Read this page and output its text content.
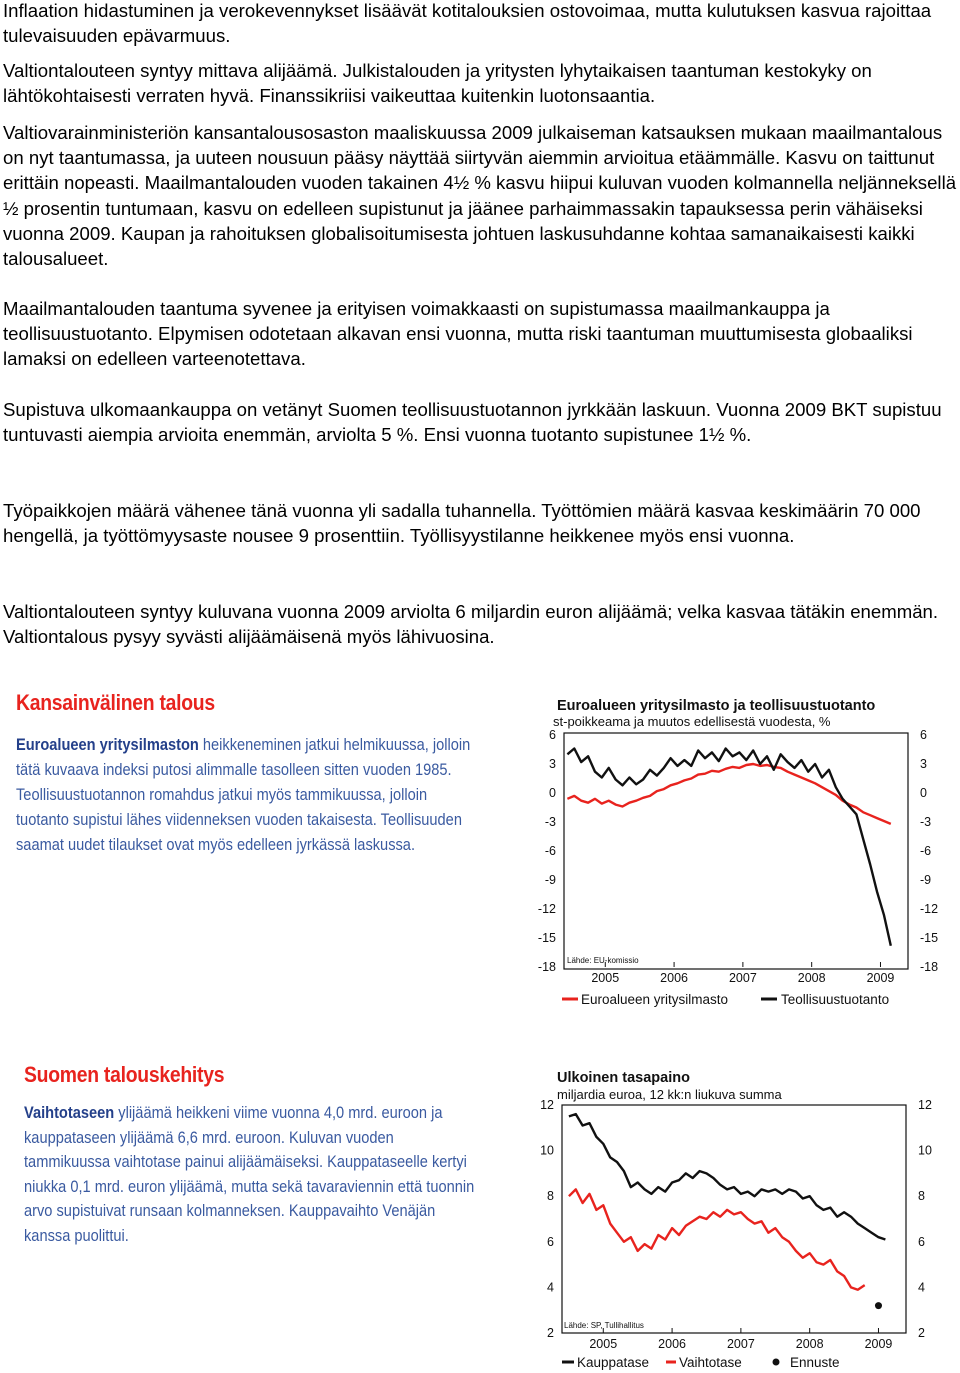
Inflaation hidastuminen ja verokevennykset lisäävät kotitalouksien ostovoimaa, mutta kulutuksen kasvua rajoittaa tulevaisuuden epävarmuus.
Valtiontalouteen syntyy mittava alijäämä. Julkistalouden ja yritysten lyhytaikaisen taantuman kestokyky on lähtökohtaisesti verraten hyvä. Finanssikriisi vaikeuttaa kuitenkin luotonsaantia.
Valtiovarainministeriön kansantalousosaston maaliskuussa 2009 julkaiseman katsauksen mukaan maailmantalous on nyt taantumassa, ja uuteen nousuun pääsy näyttää siirtyvän aiemmin arvioitua etäämmälle. Kasvu on taittunut erittäin nopeasti. Maailmantalouden vuoden takainen 4½ % kasvu hiipui kuluvan vuoden kolmannella neljänneksellä ½ prosentin tuntumaan, kasvu on edelleen supistunut ja jäänee parhaimmassakin tapauksessa perin vähäiseksi vuonna 2009. Kaupan ja rahoituksen globalisoitumisesta johtuen laskusuhdanne kohtaa samanaikaisesti kaikki talousalueet.
Maailmantalouden taantuma syvenee ja erityisen voimakkaasti on supistumassa maailmankauppa ja teollisuustuotanto. Elpymisen odotetaan alkavan ensi vuonna, mutta riski taantuman muuttumisesta globaaliksi lamaksi on edelleen varteenotettava.
Supistuva ulkomaankauppa on vetänyt Suomen teollisuustuotannon jyrkkään laskuun. Vuonna 2009 BKT supistuu tuntuvasti aiempia arvioita enemmän, arviolta 5 %. Ensi vuonna tuotanto supistunee 1½ %.
Työpaikkojen määrä vähenee tänä vuonna yli sadalla tuhannella. Työttömien määrä kasvaa keskimäärin 70 000 hengellä, ja työttömyysaste nousee 9 prosenttiin. Työllisyystilanne heikkenee myös ensi vuonna.
Valtiontalouteen syntyy kuluvana vuonna 2009 arviolta 6 miljardin euron alijäämä; velka kasvaa tätäkin enemmän. Valtiontalous pysyy syvästi alijäämäisenä myös lähivuosina.
Kansainvälinen talous
Euroalueen yritysilmaston heikkeneminen jatkui helmikuussa, jolloin tätä kuvaava indeksi putosi alimmalle tasolleen sitten vuoden 1985. Teollisuustuotannon romahdus jatkui myös tammikuussa, jolloin tuotanto supistui lähes viidenneksen vuoden takaisesta. Teollisuuden saamat uudet tilaukset ovat myös edelleen jyrkässä laskussa.
Euroalueen yritysilmasto ja teollisuustuotanto
st-poikkeama ja muutos edellisestä vuodesta, %
6
3
0
-3
-6
-9
-12
-15
-18
6
3
0
-3
-6
-9
-12
-15
-18
2005	2006	2007	2008	2009
Lähde: EU-komissio
Euroalueen yritysilmasto	Teollisuustuotanto
Suomen talouskehitys
Vaihtotaseen ylijäämä heikkeni viime vuonna 4,0 mrd. euroon ja kauppataseen ylijäämä 6,6 mrd. euroon. Kuluvan vuoden tammikuussa vaihtotase painui alijäämäiseksi. Kauppataseelle kertyi niukka 0,1 mrd. euron ylijäämä, mutta sekä tavaraviennin että tuonnin arvo supistuivat runsaan kolmanneksen. Kauppavaihto Venäjän kanssa puolittui.
Ulkoinen tasapaino
miljardia euroa, 12 kk:n liukuva summa
12
10
8
6
4
2
12
10
8
6
4
2
2005	2006	2007	2008	2009
Lähde: SP, Tullihallitus
Kauppatase Vaihtotase	Ennuste
